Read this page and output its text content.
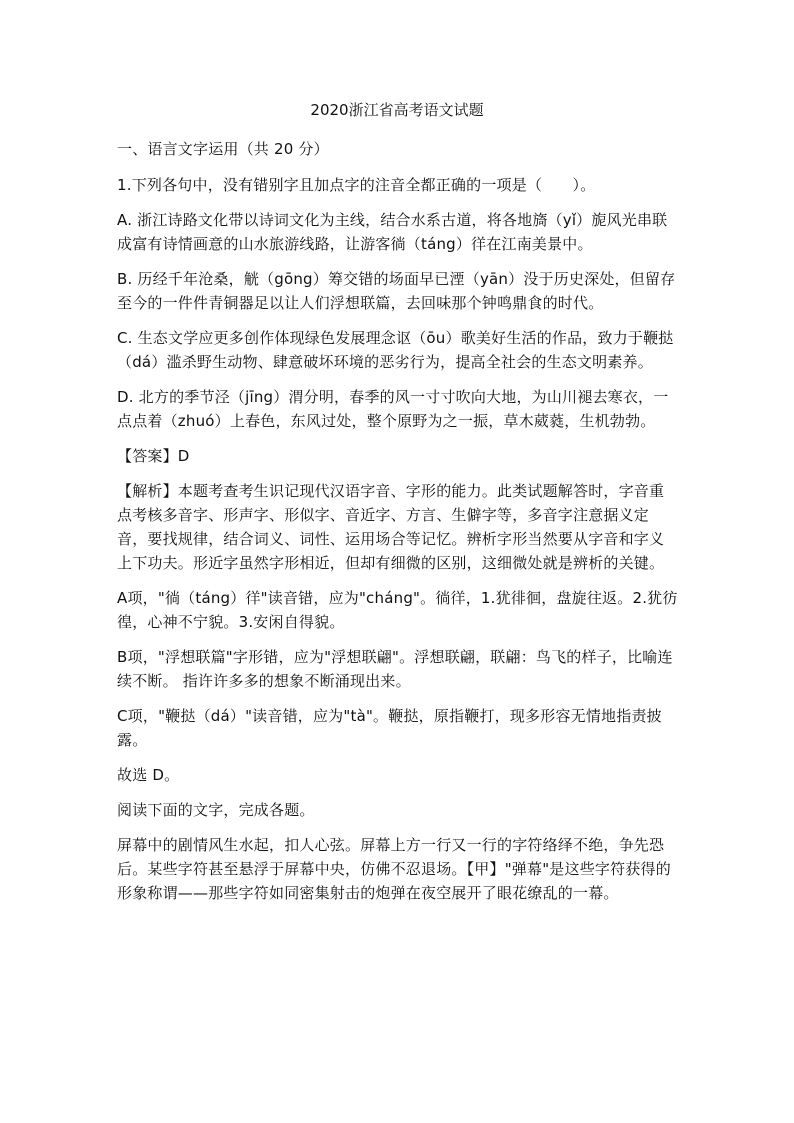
2020浙江省高考语文试题

一、语言文字运用（共 20 分）

1.下列各句中，没有错别字且加点字的注音全都正确的一项是（　　）。

A. 浙江诗路文化带以诗词文化为主线，结合水系古道，将各地旖（yǐ）旎风光串联成富有诗情画意的山水旅游线路，让游客徜（táng）徉在江南美景中。

B. 历经千年沧桑，觥（gōng）筹交错的场面早已湮（yān）没于历史深处，但留存至今的一件件青铜器足以让人们浮想联篇，去回味那个钟鸣鼎食的时代。

C. 生态文学应更多创作体现绿色发展理念讴（ōu）歌美好生活的作品，致力于鞭挞（dá）滥杀野生动物、肆意破坏环境的恶劣行为，提高全社会的生态文明素养。

D. 北方的季节泾（jīng）渭分明，春季的风一寸寸吹向大地，为山川褪去寒衣，一点点着（zhuó）上春色，东风过处，整个原野为之一振，草木葳蕤，生机勃勃。

【答案】D

【解析】本题考查考生识记现代汉语字音、字形的能力。此类试题解答时，字音重点考核多音字、形声字、形似字、音近字、方言、生僻字等，多音字注意据义定音，要找规律，结合词义、词性、运用场合等记忆。辨析字形当然要从字音和字义上下功夫。形近字虽然字形相近，但却有细微的区别，这细微处就是辨析的关键。

A项，"徜（táng）徉"读音错，应为"cháng"。徜徉，1.犹徘徊，盘旋往返。2.犹彷徨，心神不宁貌。3.安闲自得貌。

B项，"浮想联篇"字形错，应为"浮想联翩"。浮想联翩，联翩：鸟飞的样子，比喻连续不断。 指许许多多的想象不断涌现出来。

C项，"鞭挞（dá）"读音错，应为"tà"。鞭挞，原指鞭打，现多形容无情地指责披露。

故选 D。

阅读下面的文字，完成各题。

屏幕中的剧情风生水起，扣人心弦。屏幕上方一行又一行的字符络绎不绝，争先恐后。某些字符甚至悬浮于屏幕中央，仿佛不忍退场。【甲】"弹幕"是这些字符获得的形象称谓——那些字符如同密集射击的炮弹在夜空展开了眼花缭乱的一幕。
